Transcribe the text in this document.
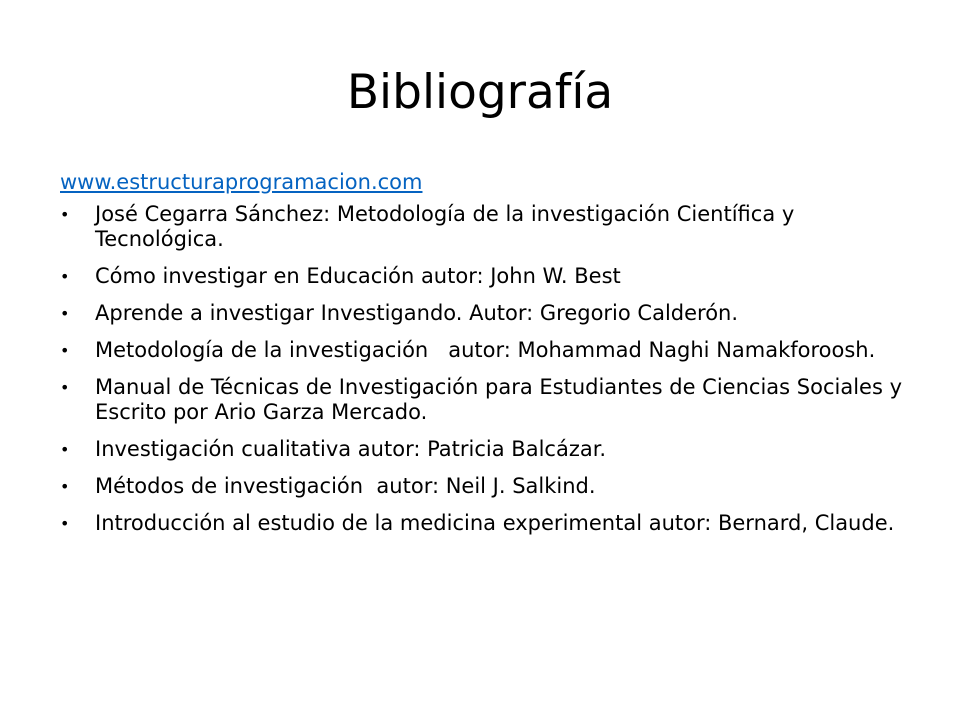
Bibliografía
www.estructuraprogramacion.com
•	José Cegarra Sánchez: Metodología de la investigación Científica y Tecnológica.
•	Cómo investigar en Educación autor: John W. Best
•	Aprende a investigar Investigando. Autor: Gregorio Calderón.
•	Metodología de la investigación   autor: Mohammad Naghi Namakforoosh.
•	Manual de Técnicas de Investigación para Estudiantes de Ciencias Sociales y  Escrito por Ario Garza Mercado.
•	Investigación cualitativa autor: Patricia Balcázar.
•	Métodos de investigación  autor: Neil J. Salkind.
•	Introducción al estudio de la medicina experimental autor: Bernard, Claude.
